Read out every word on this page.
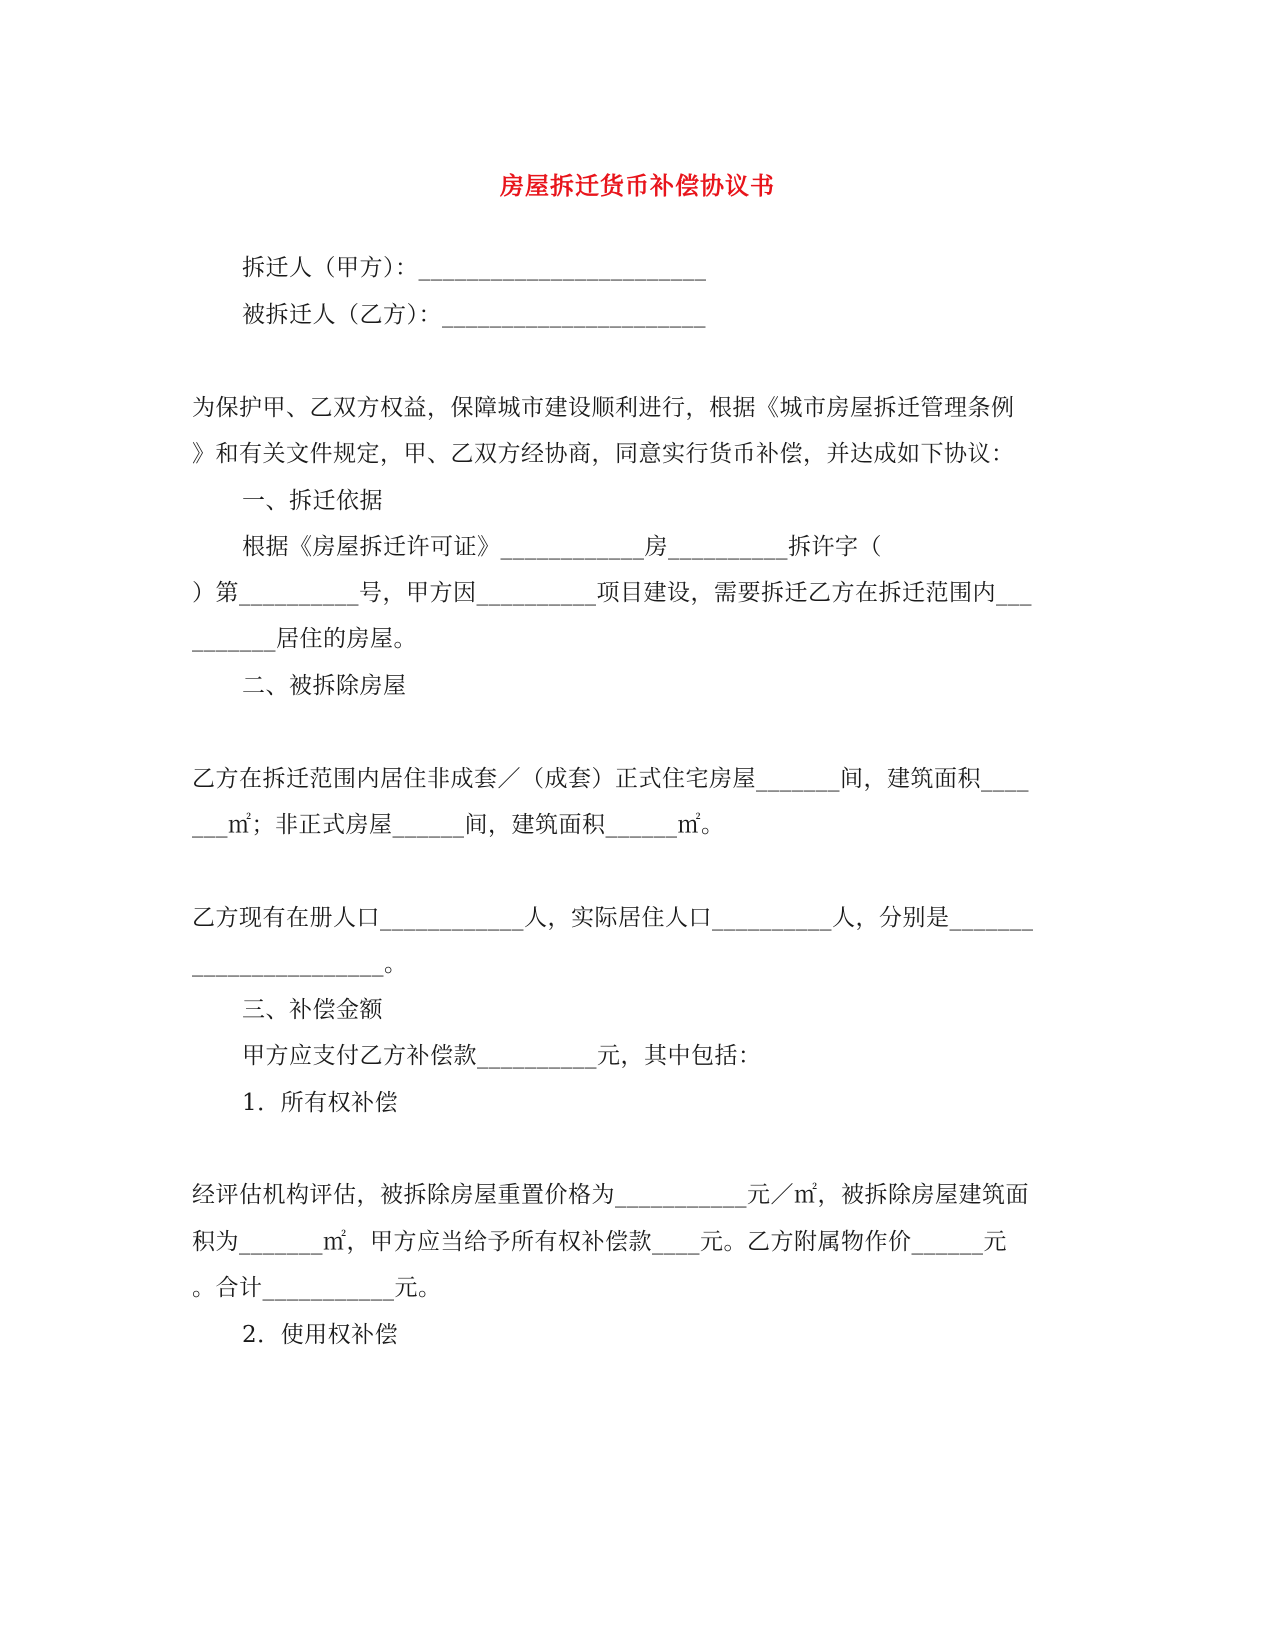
房屋拆迁货币补偿协议书
拆迁人（甲方）：________________________
被拆迁人（乙方）：______________________
为保护甲、乙双方权益，保障城市建设顺利进行，根据《城市房屋拆迁管理条例
》和有关文件规定，甲、乙双方经协商，同意实行货币补偿，并达成如下协议：
一、拆迁依据
根据《房屋拆迁许可证》____________房__________拆许字（
）第__________号，甲方因__________项目建设，需要拆迁乙方在拆迁范围内___
_______居住的房屋。
二、被拆除房屋
乙方在拆迁范围内居住非成套／（成套）正式住宅房屋_______间，建筑面积____
___㎡；非正式房屋______间，建筑面积______㎡。
乙方现有在册人口____________人，实际居住人口__________人，分别是_______
________________。
三、补偿金额
甲方应支付乙方补偿款__________元，其中包括：
1．所有权补偿
经评估机构评估，被拆除房屋重置价格为___________元／㎡，被拆除房屋建筑面
积为_______㎡，甲方应当给予所有权补偿款____元。乙方附属物作价______元
。合计___________元。
2．使用权补偿
